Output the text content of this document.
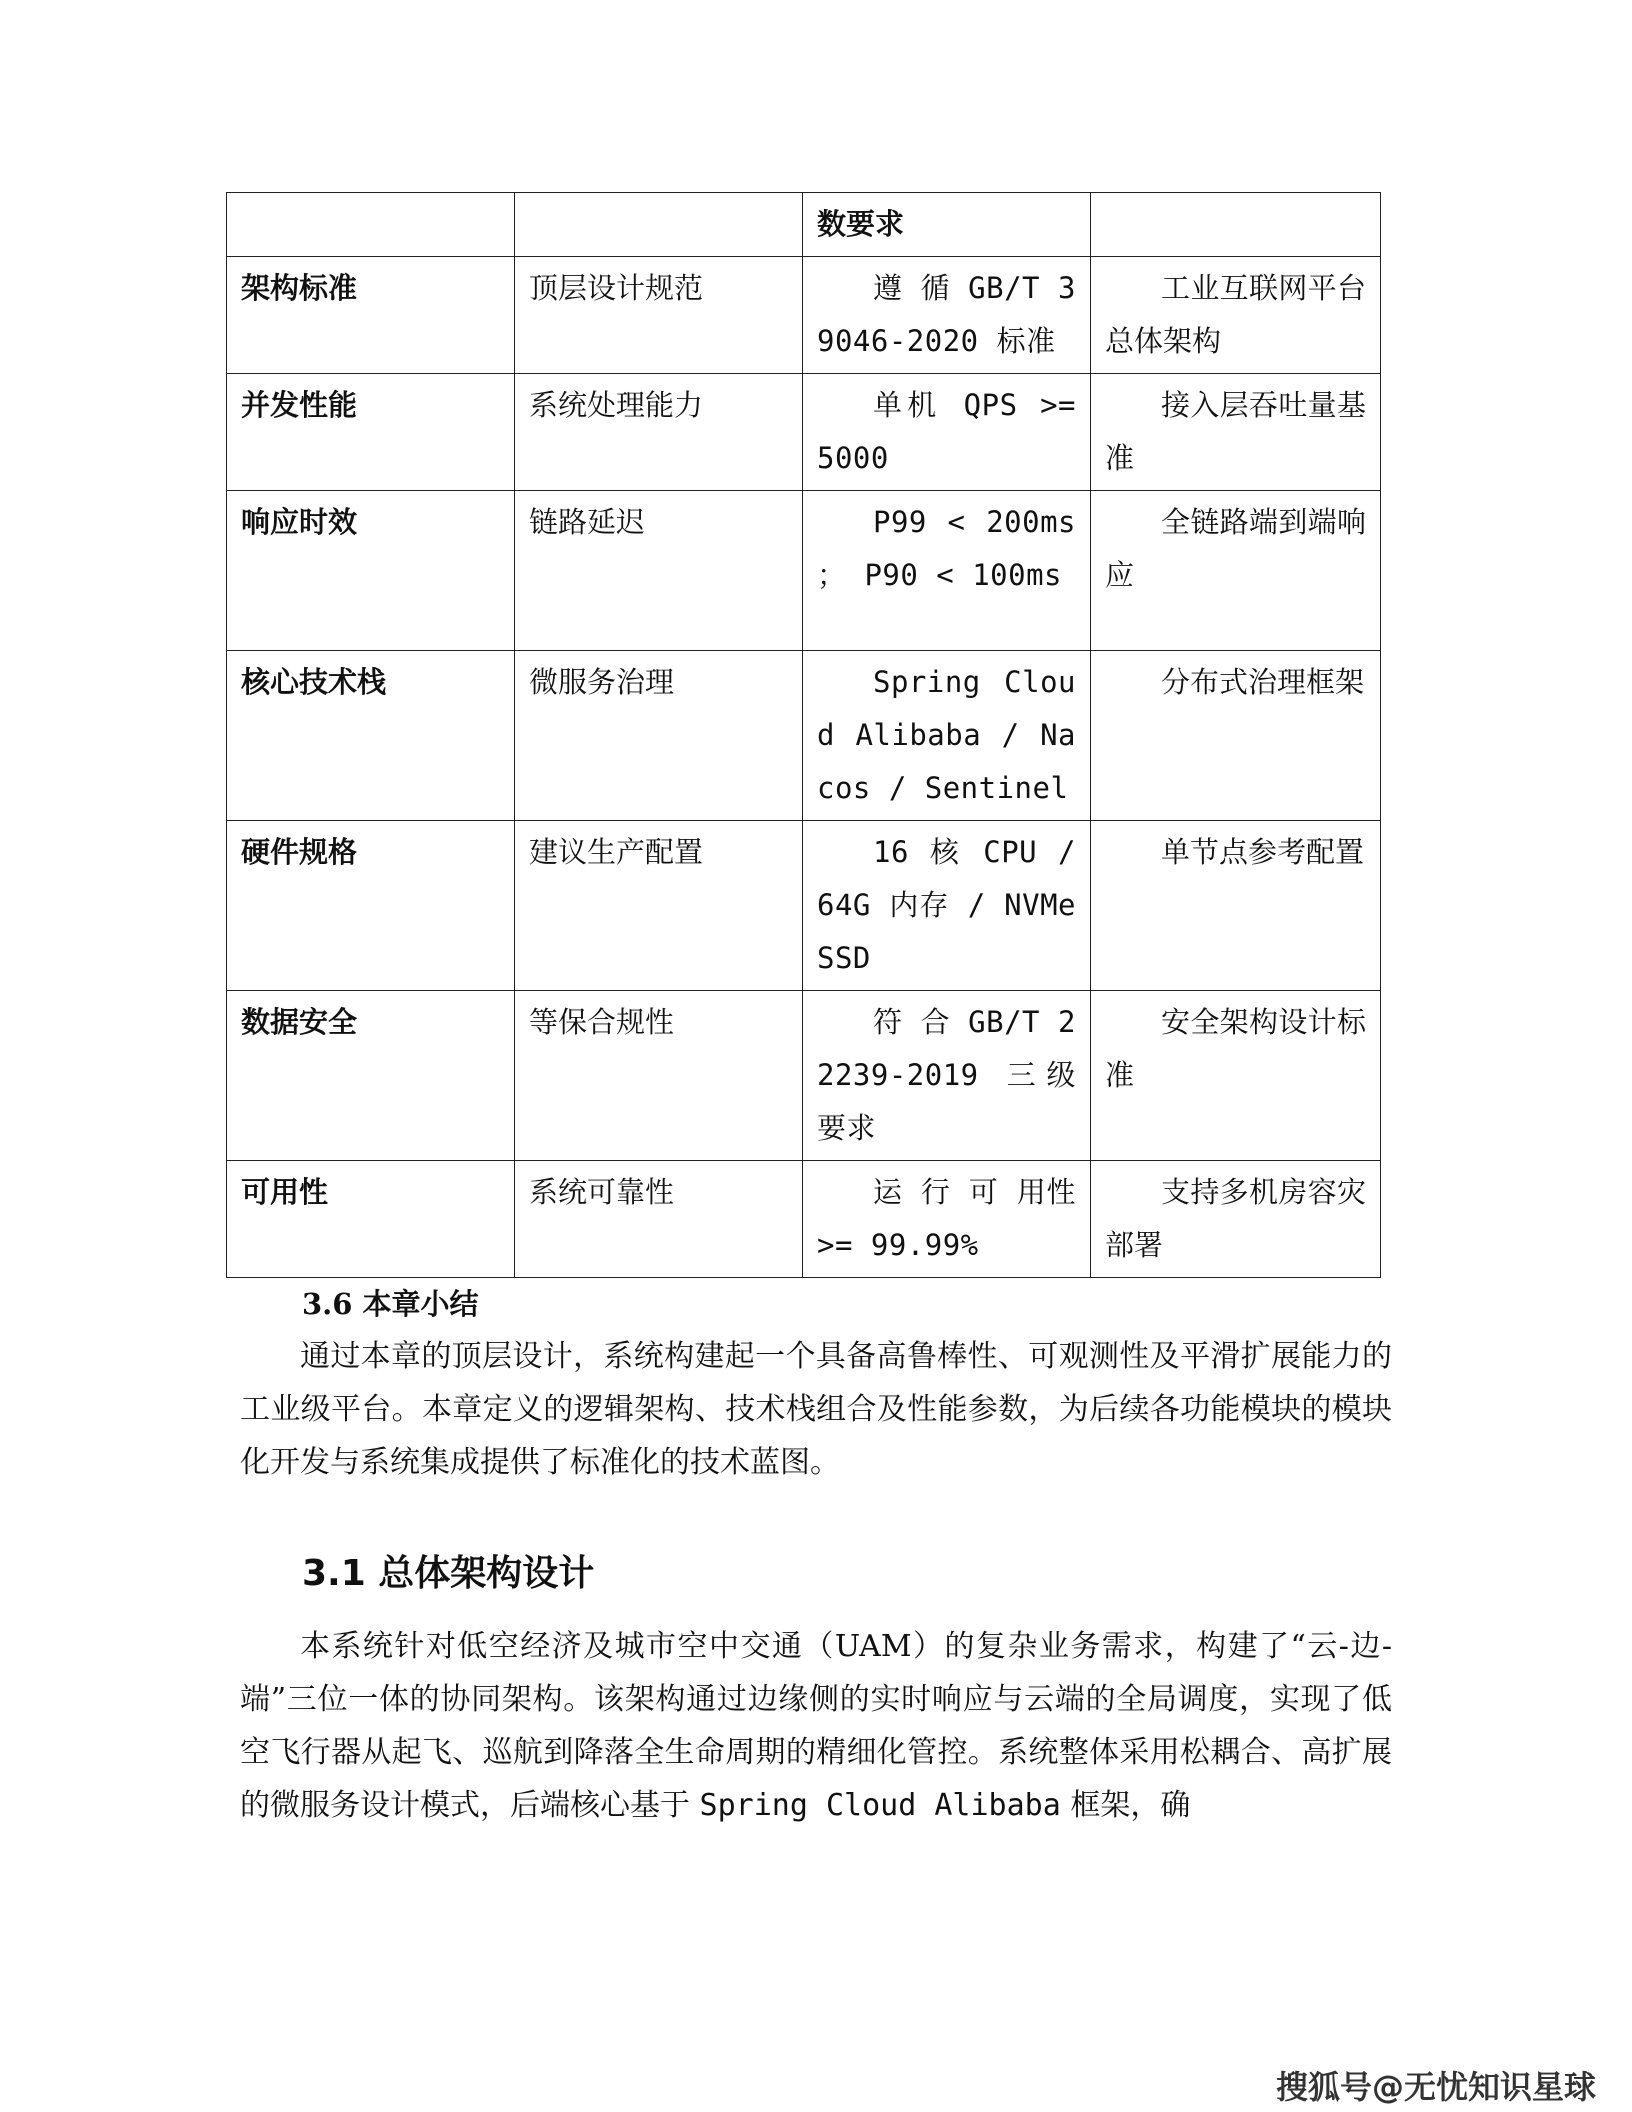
		数要求	
架构标准	顶层设计规范	遵 循 GB/T 39046-2020 标准	工业互联网平台总体架构
并发性能	系统处理能力	单机 QPS >= 5000	接入层吞吐量基准
响应时效	链路延迟	P99 < 200ms ； P90 < 100ms	全链路端到端响应
核心技术栈	微服务治理	Spring Cloud Alibaba / Nacos / Sentinel	分布式治理框架
硬件规格	建议生产配置	16 核 CPU / 64G 内存 / NVMe SSD	单节点参考配置
数据安全	等保合规性	符 合 GB/T 22239-2019 三级要求	安全架构设计标准
可用性	系统可靠性	运 行 可 用性 >= 99.99%	支持多机房容灾部署
3.6 本章小结

通过本章的顶层设计，系统构建起一个具备高鲁棒性、可观测性及平滑扩展能力的工业级平台。本章定义的逻辑架构、技术栈组合及性能参数，为后续各功能模块的模块化开发与系统集成提供了标准化的技术蓝图。

3.1 总体架构设计

本系统针对低空经济及城市空中交通（UAM）的复杂业务需求，构建了“云-边-端”三位一体的协同架构。该架构通过边缘侧的实时响应与云端的全局调度，实现了低空飞行器从起飞、巡航到降落全生命周期的精细化管控。系统整体采用松耦合、高扩展的微服务设计模式，后端核心基于 Spring Cloud Alibaba 框架，确

搜狐号@无忧知识星球
